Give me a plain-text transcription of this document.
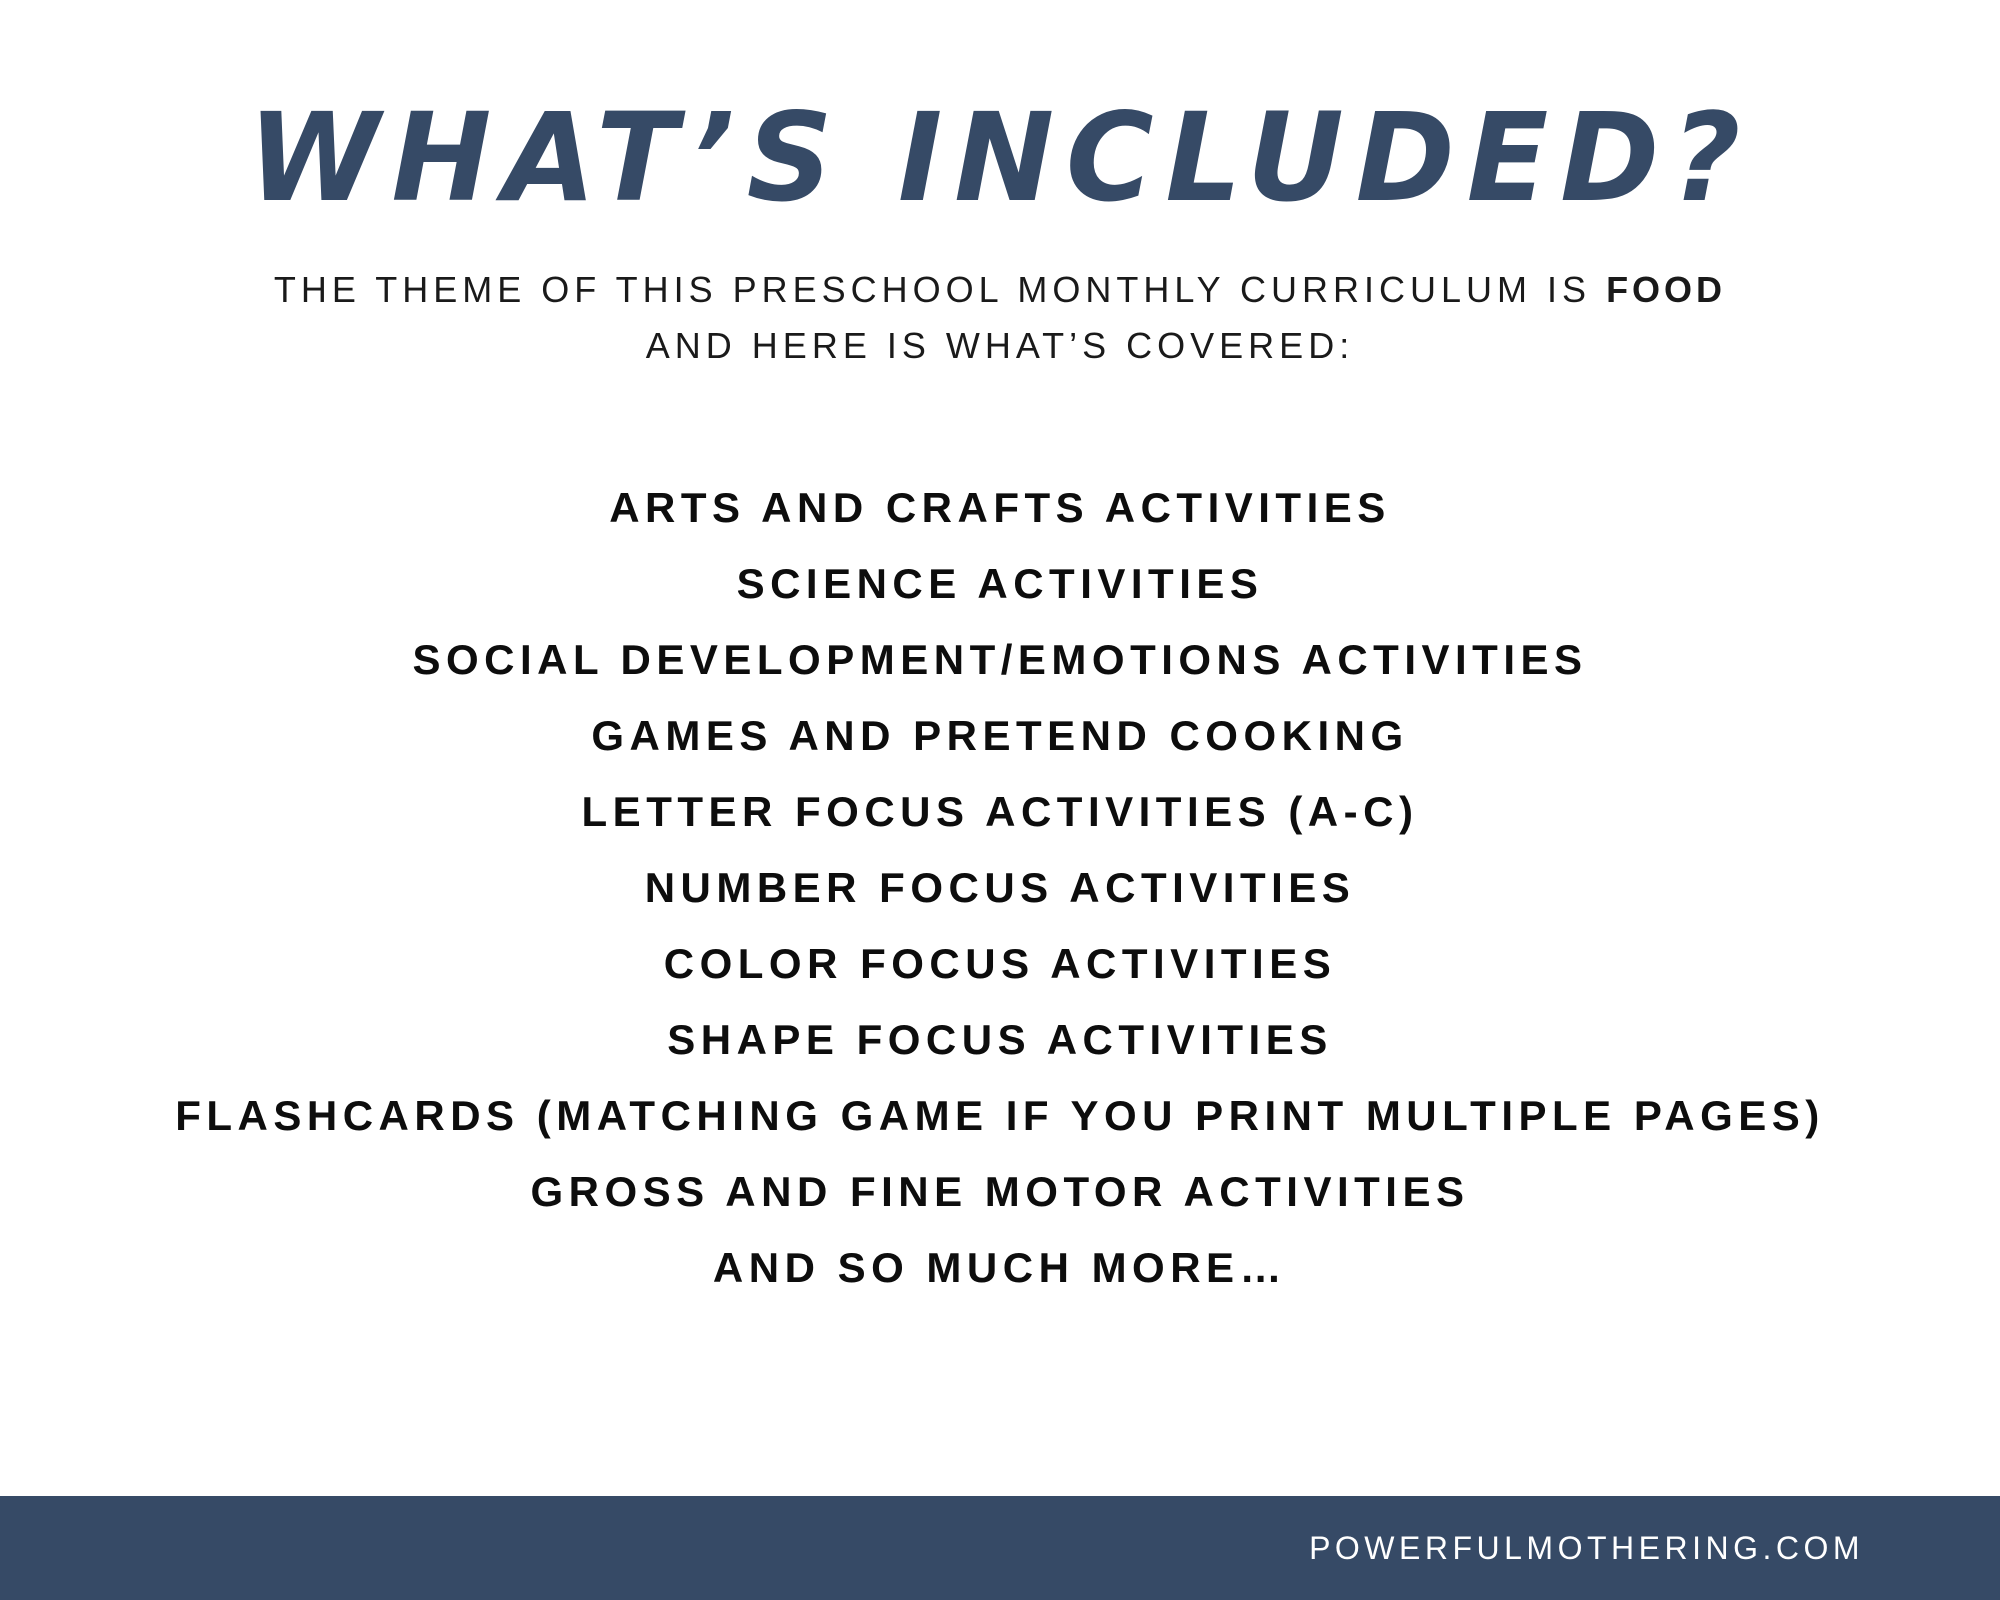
WHAT’S INCLUDED?
THE THEME OF THIS PRESCHOOL MONTHLY CURRICULUM IS FOOD
AND HERE IS WHAT’S COVERED:
ARTS AND CRAFTS ACTIVITIES
SCIENCE ACTIVITIES
SOCIAL DEVELOPMENT/EMOTIONS ACTIVITIES
GAMES AND PRETEND COOKING
LETTER FOCUS ACTIVITIES (A-C)
NUMBER FOCUS ACTIVITIES
COLOR FOCUS ACTIVITIES
SHAPE FOCUS ACTIVITIES
FLASHCARDS (MATCHING GAME IF YOU PRINT MULTIPLE PAGES)
GROSS AND FINE MOTOR ACTIVITIES
AND SO MUCH MORE…
POWERFULMOTHERING.COM
